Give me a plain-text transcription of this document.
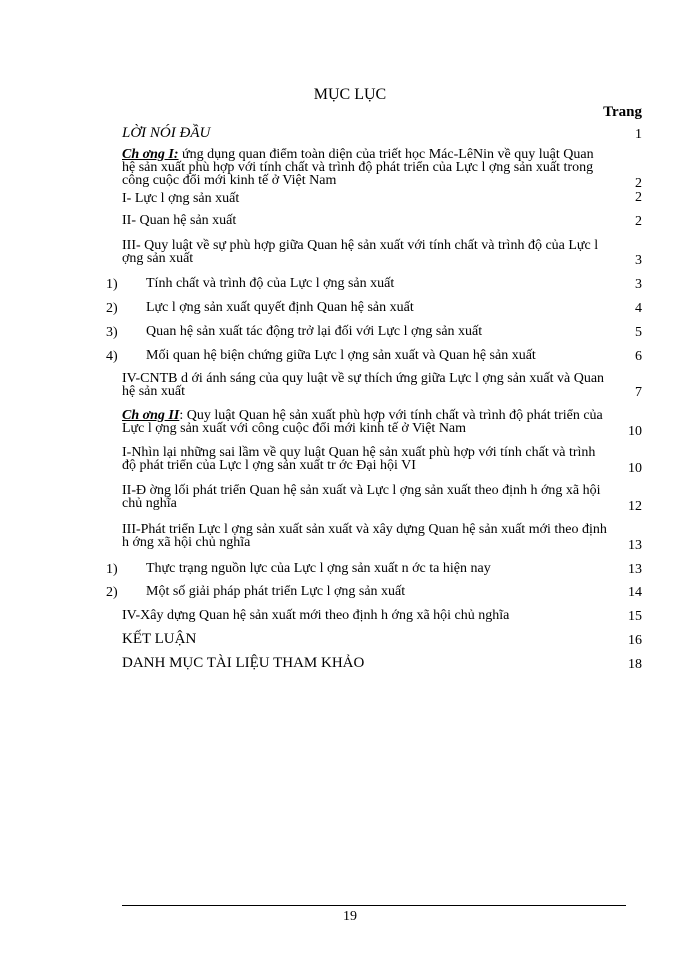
MỤC LỤC
Trang
LỜI NÓI ĐẦU	1
Ch ơng I: ứng dụng quan điểm toàn diện của triết học Mác-LêNin về quy luật Quan hệ sản xuất phù hợp với tính chất và trình độ phát triển của Lực l ợng sản xuất trong công cuộc đổi mới kinh tế ở Việt Nam	2
I- Lực l ợng sản xuất	2
II- Quan hệ sản xuất	2
III- Quy luật về sự phù hợp giữa Quan hệ sản xuất với tính chất và trình độ của Lực l ợng sản xuất	3
1) Tính chất và trình độ của Lực l ợng sản xuất	3
2) Lực l ợng sản xuất quyết định Quan hệ sản xuất	4
3) Quan hệ sản xuất tác động trở lại đối với Lực l ợng sản xuất	5
4) Mối quan hệ biện chứng giữa Lực l ợng sản xuất và Quan hệ sản xuất	6
IV-CNTB d ới ánh sáng của quy luật về sự thích ứng giữa Lực l ợng sản xuất và Quan hệ sản xuất	7
Ch ơng II: Quy luật Quan hệ sản xuất phù hợp với tính chất và trình độ phát triển của Lực l ợng sản xuất với công cuộc đổi mới kinh tế ở Việt Nam	10
I-Nhìn lại những sai lầm về quy luật Quan hệ sản xuất phù hợp với tính chất và trình độ phát triển của Lực l ợng sản xuất tr ớc Đại hội VI	10
II-Đ ờng lối phát triển Quan hệ sản xuất và Lực l ợng sản xuất theo định h ớng xã hội chủ nghĩa	12
III-Phát triển Lực l ợng sản xuất sản xuất và xây dựng Quan hệ sản xuất mới theo định h ớng xã hội chủ nghĩa	13
1) Thực trạng nguồn lực của Lực l ợng sản xuất n ớc ta hiện nay	13
2) Một số giải pháp phát triển Lực l ợng sản xuất	14
IV-Xây dựng Quan hệ sản xuất mới theo định h ớng xã hội chủ nghĩa	15
KẾT LUẬN	16
DANH MỤC TÀI LIỆU THAM KHẢO	18
19
